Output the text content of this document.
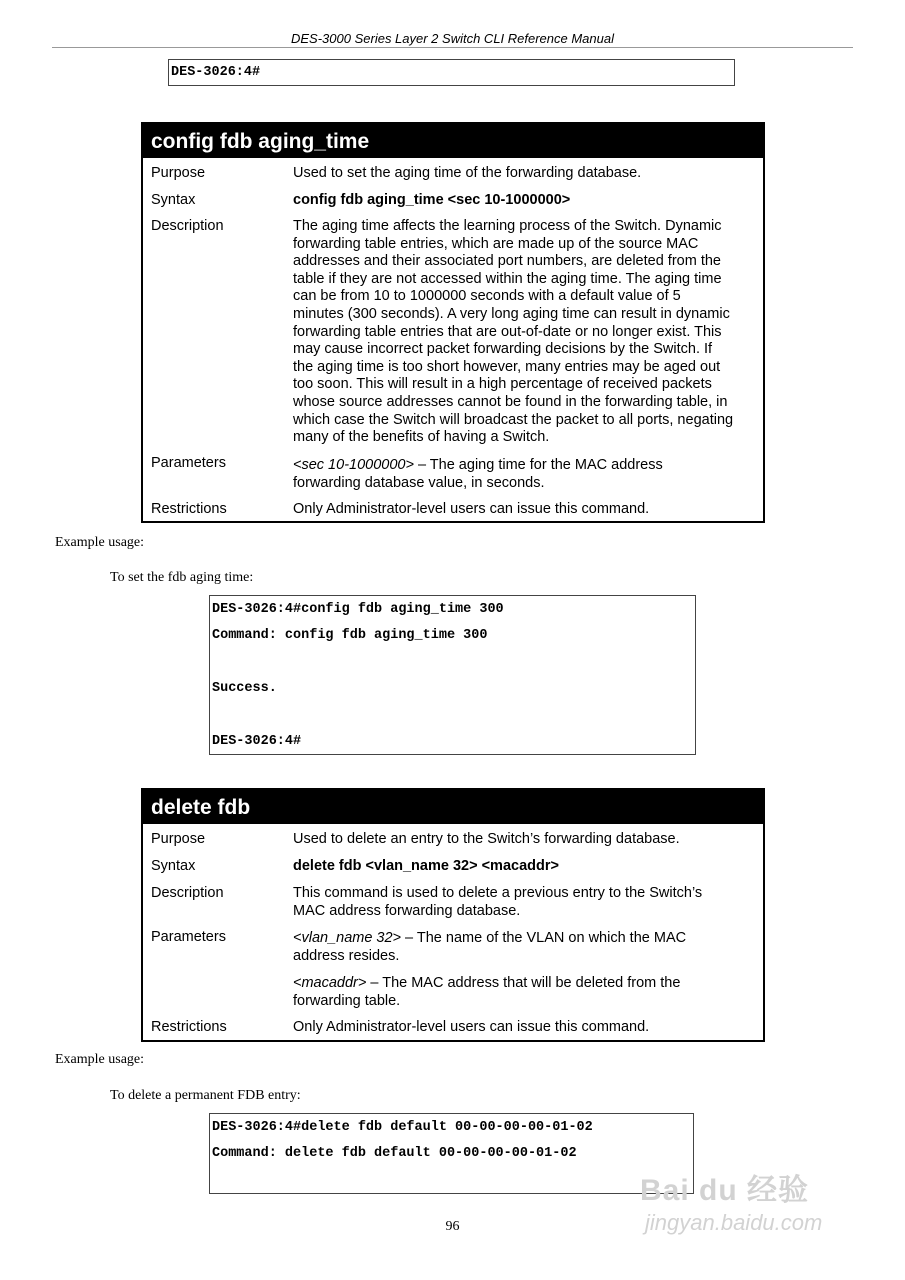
DES-3000 Series Layer 2 Switch CLI Reference Manual
DES-3026:4#
config fdb aging_time
Purpose	Used to set the aging time of the forwarding database.
Syntax	config fdb aging_time <sec 10-1000000>
Description	The aging time affects the learning process of the Switch. Dynamic
forwarding table entries, which are made up of the source MAC
addresses and their associated port numbers, are deleted from the
table if they are not accessed within the aging time. The aging time
can be from 10 to 1000000 seconds with a default value of 5
minutes (300 seconds). A very long aging time can result in dynamic
forwarding table entries that are out-of-date or no longer exist. This
may cause incorrect packet forwarding decisions by the Switch. If
the aging time is too short however, many entries may be aged out
too soon. This will result in a high percentage of received packets
whose source addresses cannot be found in the forwarding table, in
which case the Switch will broadcast the packet to all ports, negating
many of the benefits of having a Switch.
Parameters	<sec 10-1000000> – The aging time for the MAC address
forwarding database value, in seconds.
Restrictions	Only Administrator-level users can issue this command.
Example usage:
To set the fdb aging time:
DES-3026:4#config fdb aging_time 300
Command: config fdb aging_time 300
Success.
DES-3026:4#
delete fdb
Purpose	Used to delete an entry to the Switch’s forwarding database.
Syntax	delete fdb <vlan_name 32> <macaddr>
Description	This command is used to delete a previous entry to the Switch’s
MAC address forwarding database.
Parameters	<vlan_name 32> – The name of the VLAN on which the MAC
address resides.
<macaddr> – The MAC address that will be deleted from the
forwarding table.
Restrictions	Only Administrator-level users can issue this command.
Example usage:
To delete a permanent FDB entry:
DES-3026:4#delete fdb default 00-00-00-00-01-02
Command: delete fdb default 00-00-00-00-01-02
96
Bai du 经验
jingyan.baidu.com
